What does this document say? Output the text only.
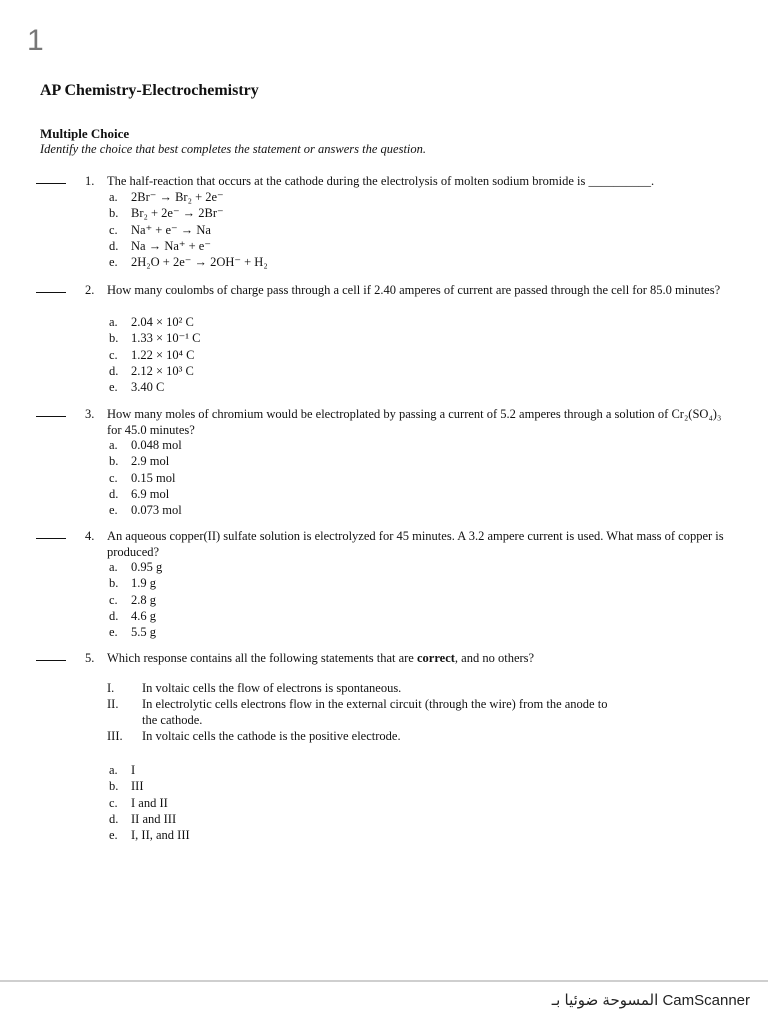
1
AP Chemistry-Electrochemistry
Multiple Choice
Identify the choice that best completes the statement or answers the question.
1. The half-reaction that occurs at the cathode during the electrolysis of molten sodium bromide is __________.
a.	2Br⁻ → Br₂ + 2e⁻
b.	Br₂ + 2e⁻ → 2Br⁻
c.	Na⁺ + e⁻ → Na
d.	Na → Na⁺ + e⁻
e.	2H₂O + 2e⁻ → 2OH⁻ + H₂
2. How many coulombs of charge pass through a cell if 2.40 amperes of current are passed through the cell for 85.0 minutes?
a.	2.04 × 10² C
b.	1.33 × 10⁻¹ C
c.	1.22 × 10⁴ C
d.	2.12 × 10³ C
e.	3.40 C
3. How many moles of chromium would be electroplated by passing a current of 5.2 amperes through a solution of Cr₂(SO₄)₃ for 45.0 minutes?
a.	0.048 mol
b.	2.9 mol
c.	0.15 mol
d.	6.9 mol
e.	0.073 mol
4. An aqueous copper(II) sulfate solution is electrolyzed for 45 minutes. A 3.2 ampere current is used. What mass of copper is produced?
a.	0.95 g
b.	1.9 g
c.	2.8 g
d.	4.6 g
e.	5.5 g
5. Which response contains all the following statements that are correct, and no others?
I. In voltaic cells the flow of electrons is spontaneous.
II. In electrolytic cells electrons flow in the external circuit (through the wire) from the anode to the cathode.
III. In voltaic cells the cathode is the positive electrode.
a.	I
b.	III
c.	I and II
d.	II and III
e.	I, II, and III
CamScanner المسوحة ضوئيا بـ
